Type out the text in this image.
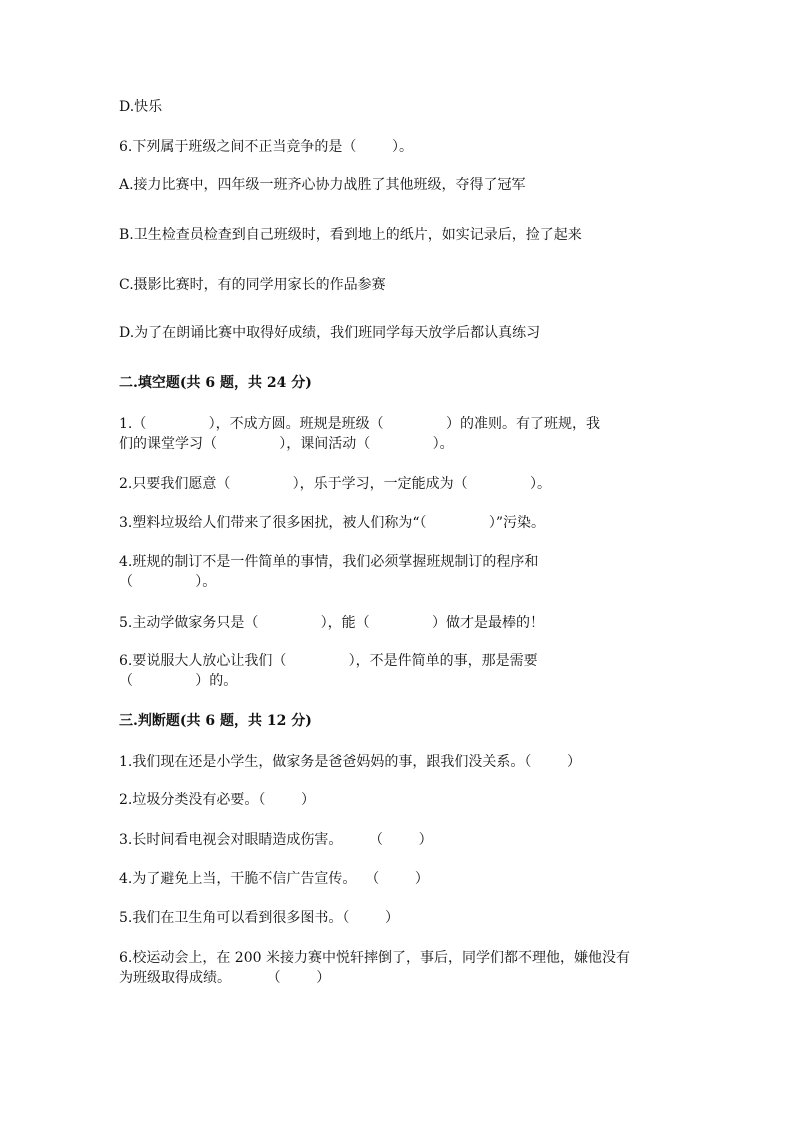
D.快乐
6.下列属于班级之间不正当竞争的是（        ）。
A.接力比赛中，四年级一班齐心协力战胜了其他班级，夺得了冠军
B.卫生检查员检查到自己班级时，看到地上的纸片，如实记录后，捡了起来
C.摄影比赛时，有的同学用家长的作品参赛
D.为了在朗诵比赛中取得好成绩，我们班同学每天放学后都认真练习
二.填空题(共 6 题，共 24 分)
1.（              ），不成方圆。班规是班级（              ）的准则。有了班规，我
们的课堂学习（              ），课间活动（              ）。
2.只要我们愿意（              ），乐于学习，一定能成为（              ）。
3.塑料垃圾给人们带来了很多困扰，被人们称为“（              ）”污染。
4.班规的制订不是一件简单的事情，我们必须掌握班规制订的程序和
（              ）。
5.主动学做家务只是（              ），能（              ）做才是最棒的！
6.要说服大人放心让我们（              ），不是件简单的事，那是需要
（              ）的。
三.判断题(共 6 题，共 12 分)
1.我们现在还是小学生，做家务是爸爸妈妈的事，跟我们没关系。（        ）
2.垃圾分类没有必要。（        ）
3.长时间看电视会对眼睛造成伤害。      （        ）
4.为了避免上当，干脆不信广告宣传。  （        ）
5.我们在卫生角可以看到很多图书。（        ）
6.校运动会上，在 200 米接力赛中悦轩摔倒了，事后，同学们都不理他，嫌他没有
为班级取得成绩。        （        ）
